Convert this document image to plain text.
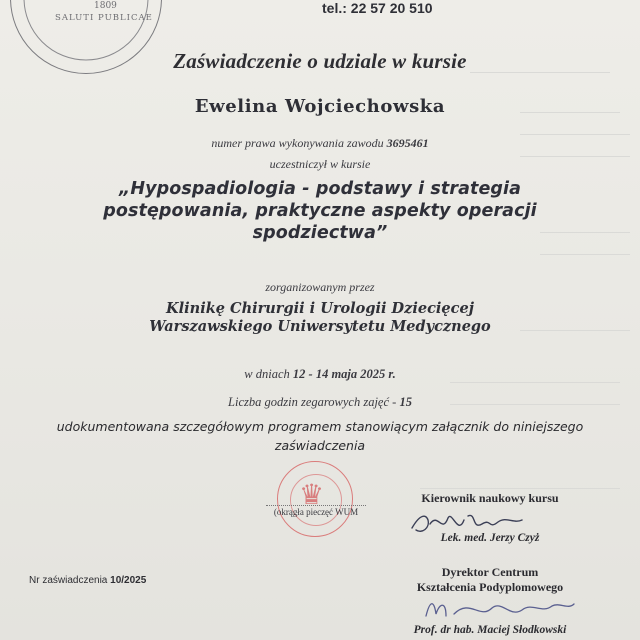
1809
SALUTI PUBLICAE
tel.: 22 57 20 510
Zaświadczenie o udziale w kursie
Ewelina Wojciechowska
numer prawa wykonywania zawodu 3695461
uczestniczył w kursie
„Hypospadiologia - podstawy i strategia
postępowania, praktyczne aspekty operacji
spodziectwa”
zorganizowanym przez
Klinikę Chirurgii i Urologii Dziecięcej
Warszawskiego Uniwersytetu Medycznego
w dniach 12 - 14 maja 2025 r.
Liczba godzin zegarowych zajęć - 15
udokumentowana szczegółowym programem stanowiącym załącznik do niniejszego
zaświadczenia
♛
(okrągła pieczęć WUM
Kierownik naukowy kursu
Lek. med. Jerzy Czyż
Dyrektor Centrum
Kształcenia Podyplomowego
Prof. dr hab. Maciej Słodkowski
Nr zaświadczenia 10/2025
